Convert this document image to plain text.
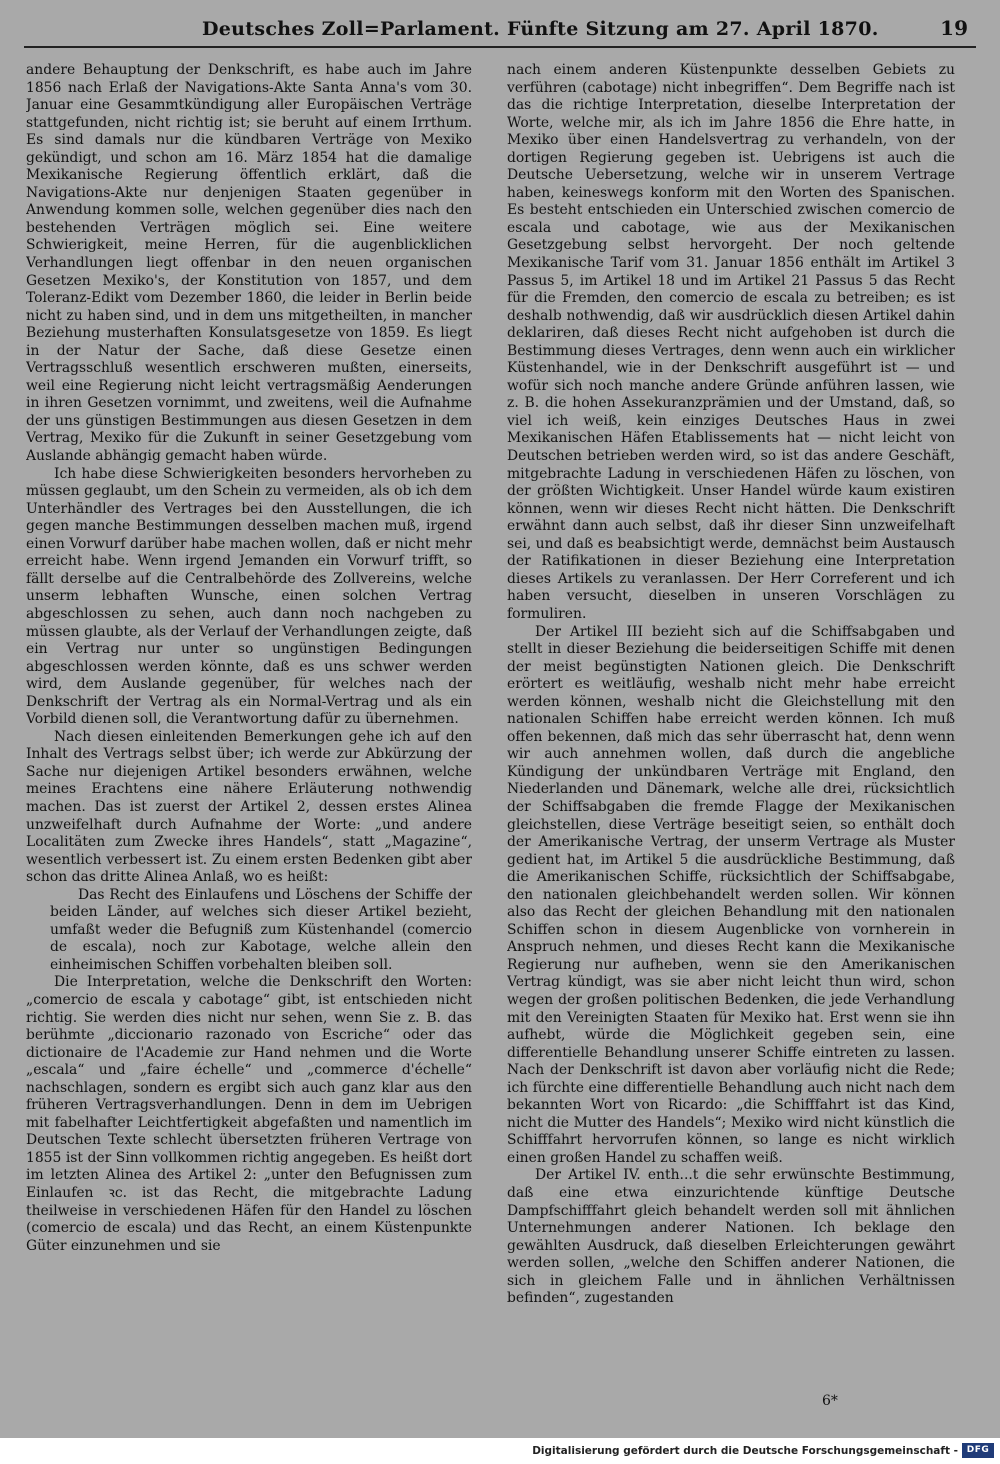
Deutsches Zoll=Parlament. Fünfte Sitzung am 27. April 1870.	19

andere Behauptung der Denkschrift, es habe auch im Jahre 1856 nach Erlaß der Navigations-Akte Santa Anna's vom 30. Januar eine Gesammtkündigung aller Europäischen Verträge stattgefunden, nicht richtig ist; sie beruht auf einem Irrthum. Es sind damals nur die kündbaren Verträge von Mexiko gekündigt, und schon am 16. März 1854 hat die damalige Mexikanische Regierung öffentlich erklärt, daß die Navigations-Akte nur denjenigen Staaten gegenüber in Anwendung kommen solle, welchen gegenüber dies nach den bestehenden Verträgen möglich sei. Eine weitere Schwierigkeit, meine Herren, für die augenblicklichen Verhandlungen liegt offenbar in den neuen organischen Gesetzen Mexiko's, der Konstitution von 1857, und dem Toleranz-Edikt vom Dezember 1860, die leider in Berlin beide nicht zu haben sind, und in dem uns mitgetheilten, in mancher Beziehung musterhaften Konsulatsgesetze von 1859. Es liegt in der Natur der Sache, daß diese Gesetze einen Vertragsschluß wesentlich erschweren mußten, einerseits, weil eine Regierung nicht leicht vertragsmäßig Aenderungen in ihren Gesetzen vornimmt, und zweitens, weil die Aufnahme der uns günstigen Bestimmungen aus diesen Gesetzen in dem Vertrag, Mexiko für die Zukunft in seiner Gesetzgebung vom Auslande abhängig gemacht haben würde.

Ich habe diese Schwierigkeiten besonders hervorheben zu müssen geglaubt, um den Schein zu vermeiden, als ob ich dem Unterhändler des Vertrages bei den Ausstellungen, die ich gegen manche Bestimmungen desselben machen muß, irgend einen Vorwurf darüber habe machen wollen, daß er nicht mehr erreicht habe. Wenn irgend Jemanden ein Vorwurf trifft, so fällt derselbe auf die Centralbehörde des Zollvereins, welche unserm lebhaften Wunsche, einen solchen Vertrag abgeschlossen zu sehen, auch dann noch nachgeben zu müssen glaubte, als der Verlauf der Verhandlungen zeigte, daß ein Vertrag nur unter so ungünstigen Bedingungen abgeschlossen werden könnte, daß es uns schwer werden wird, dem Auslande gegenüber, für welches nach der Denkschrift der Vertrag als ein Normal-Vertrag und als ein Vorbild dienen soll, die Verantwortung dafür zu übernehmen.

Nach diesen einleitenden Bemerkungen gehe ich auf den Inhalt des Vertrags selbst über; ich werde zur Abkürzung der Sache nur diejenigen Artikel besonders erwähnen, welche meines Erachtens eine nähere Erläuterung nothwendig machen. Das ist zuerst der Artikel 2, dessen erstes Alinea unzweifelhaft durch Aufnahme der Worte: „und andere Localitäten zum Zwecke ihres Handels“, statt „Magazine“, wesentlich verbessert ist. Zu einem ersten Bedenken gibt aber schon das dritte Alinea Anlaß, wo es heißt:

Das Recht des Einlaufens und Löschens der Schiffe der beiden Länder, auf welches sich dieser Artikel bezieht, umfaßt weder die Befugniß zum Küstenhandel (comercio de escala), noch zur Kabotage, welche allein den einheimischen Schiffen vorbehalten bleiben soll.

Die Interpretation, welche die Denkschrift den Worten: „comercio de escala y cabotage“ gibt, ist entschieden nicht richtig. Sie werden dies nicht nur sehen, wenn Sie z. B. das berühmte „diccionario razonado von Escriche“ oder das dictionaire de l'Academie zur Hand nehmen und die Worte „escala“ und „faire échelle“ und „commerce d'échelle“ nachschlagen, sondern es ergibt sich auch ganz klar aus den früheren Vertragsverhandlungen. Denn in dem im Uebrigen mit fabelhafter Leichtfertigkeit abgefaßten und namentlich im Deutschen Texte schlecht übersetzten früheren Vertrage von 1855 ist der Sinn vollkommen richtig angegeben. Es heißt dort im letzten Alinea des Artikel 2: „unter den Befugnissen zum Einlaufen ꝛc. ist das Recht, die mitgebrachte Ladung theilweise in verschiedenen Häfen für den Handel zu löschen (comercio de escala) und das Recht, an einem Küstenpunkte Güter einzunehmen und sie

nach einem anderen Küstenpunkte desselben Gebiets zu verführen (cabotage) nicht inbegriffen“. Dem Begriffe nach ist das die richtige Interpretation, dieselbe Interpretation der Worte, welche mir, als ich im Jahre 1856 die Ehre hatte, in Mexiko über einen Handelsvertrag zu verhandeln, von der dortigen Regierung gegeben ist. Uebrigens ist auch die Deutsche Uebersetzung, welche wir in unserem Vertrage haben, keineswegs konform mit den Worten des Spanischen. Es besteht entschieden ein Unterschied zwischen comercio de escala und cabotage, wie aus der Mexikanischen Gesetzgebung selbst hervorgeht. Der noch geltende Mexikanische Tarif vom 31. Januar 1856 enthält im Artikel 3 Passus 5, im Artikel 18 und im Artikel 21 Passus 5 das Recht für die Fremden, den comercio de escala zu betreiben; es ist deshalb nothwendig, daß wir ausdrücklich diesen Artikel dahin deklariren, daß dieses Recht nicht aufgehoben ist durch die Bestimmung dieses Vertrages, denn wenn auch ein wirklicher Küstenhandel, wie in der Denkschrift ausgeführt ist — und wofür sich noch manche andere Gründe anführen lassen, wie z. B. die hohen Assekuranzprämien und der Umstand, daß, so viel ich weiß, kein einziges Deutsches Haus in zwei Mexikanischen Häfen Etablissements hat — nicht leicht von Deutschen betrieben werden wird, so ist das andere Geschäft, mitgebrachte Ladung in verschiedenen Häfen zu löschen, von der größten Wichtigkeit. Unser Handel würde kaum existiren können, wenn wir dieses Recht nicht hätten. Die Denkschrift erwähnt dann auch selbst, daß ihr dieser Sinn unzweifelhaft sei, und daß es beabsichtigt werde, demnächst beim Austausch der Ratifikationen in dieser Beziehung eine Interpretation dieses Artikels zu veranlassen. Der Herr Correferent und ich haben versucht, dieselben in unseren Vorschlägen zu formuliren.

Der Artikel III bezieht sich auf die Schiffsabgaben und stellt in dieser Beziehung die beiderseitigen Schiffe mit denen der meist begünstigten Nationen gleich. Die Denkschrift erörtert es weitläufig, weshalb nicht mehr habe erreicht werden können, weshalb nicht die Gleichstellung mit den nationalen Schiffen habe erreicht werden können. Ich muß offen bekennen, daß mich das sehr überrascht hat, denn wenn wir auch annehmen wollen, daß durch die angebliche Kündigung der unkündbaren Verträge mit England, den Niederlanden und Dänemark, welche alle drei, rücksichtlich der Schiffsabgaben die fremde Flagge der Mexikanischen gleichstellen, diese Verträge beseitigt seien, so enthält doch der Amerikanische Vertrag, der unserm Vertrage als Muster gedient hat, im Artikel 5 die ausdrückliche Bestimmung, daß die Amerikanischen Schiffe, rücksichtlich der Schiffsabgabe, den nationalen gleichbehandelt werden sollen. Wir können also das Recht der gleichen Behandlung mit den nationalen Schiffen schon in diesem Augenblicke von vornherein in Anspruch nehmen, und dieses Recht kann die Mexikanische Regierung nur aufheben, wenn sie den Amerikanischen Vertrag kündigt, was sie aber nicht leicht thun wird, schon wegen der großen politischen Bedenken, die jede Verhandlung mit den Vereinigten Staaten für Mexiko hat. Erst wenn sie ihn aufhebt, würde die Möglichkeit gegeben sein, eine differentielle Behandlung unserer Schiffe eintreten zu lassen. Nach der Denkschrift ist davon aber vorläufig nicht die Rede; ich fürchte eine differentielle Behandlung auch nicht nach dem bekannten Wort von Ricardo: „die Schifffahrt ist das Kind, nicht die Mutter des Handels“; Mexiko wird nicht künstlich die Schifffahrt hervorrufen können, so lange es nicht wirklich einen großen Handel zu schaffen weiß.

Der Artikel IV. enth...t die sehr erwünschte Bestimmung, daß eine etwa einzurichtende künftige Deutsche Dampfschifffahrt gleich behandelt werden soll mit ähnlichen Unternehmungen anderer Nationen. Ich beklage den gewählten Ausdruck, daß dieselben Erleichterungen gewährt werden sollen, „welche den Schiffen anderer Nationen, die sich in gleichem Falle und in ähnlichen Verhältnissen befinden“, zugestanden

6*
Digitalisierung gefördert durch die Deutsche Forschungsgemeinschaft - DFG
